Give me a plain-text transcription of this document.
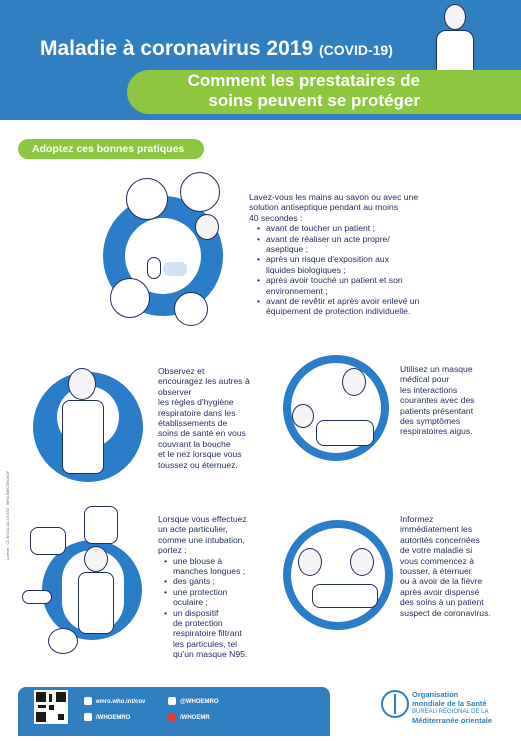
Maladie à coronavirus 2019 (COVID-19)
Comment les prestataires de
soins peuvent se protéger
Adoptez ces bonnes pratiques
Licence : CC BY-NC-SA 3.0 IGO
WHO-EM/CSR/261/F
Lavez-vous les mains au savon ou avec une
solution antiseptique pendant au moins
40 secondes :
• avant de toucher un patient ;
• avant de réaliser un acte propre/
aseptique ;
• après un risque d'exposition aux
liquides biologiques ;
• après avoir touché un patient et son
environnement ;
• avant de revêtir et après avoir enlevé un
équipement de protection individuelle.
Observez et
encouragez les autres à
observer
les règles d'hygiène
respiratoire dans les
établissements de
soins de santé en vous
couvrant la bouche
et le nez lorsque vous
toussez ou éternuez.
Utilisez un masque
médical pour
les interactions
courantes avec des
patients présentant
des symptômes
respiratoires aigus.
Lorsque vous effectuez
un acte particulier,
comme une intubation,
portez :
• une blouse à
manches longues ;
• des gants ;
• une protection
oculaire ;
• un dispositif
de protection
respiratoire filtrant
les particules, tel
qu'un masque N95.
Informez
immédiatement les
autorités concernées
de votre maladie si
vous commencez à
tousser, à éternuer
ou à avoir de la fièvre
après avoir dispensé
des soins à un patient
suspect de coronavirus.
emro.who.int/cov
/WHOEMRO
@WHOEMRO
/WHOEMR
Organisation
mondiale de la Santé
BUREAU RÉGIONAL DE LA
Méditerranée orientale
